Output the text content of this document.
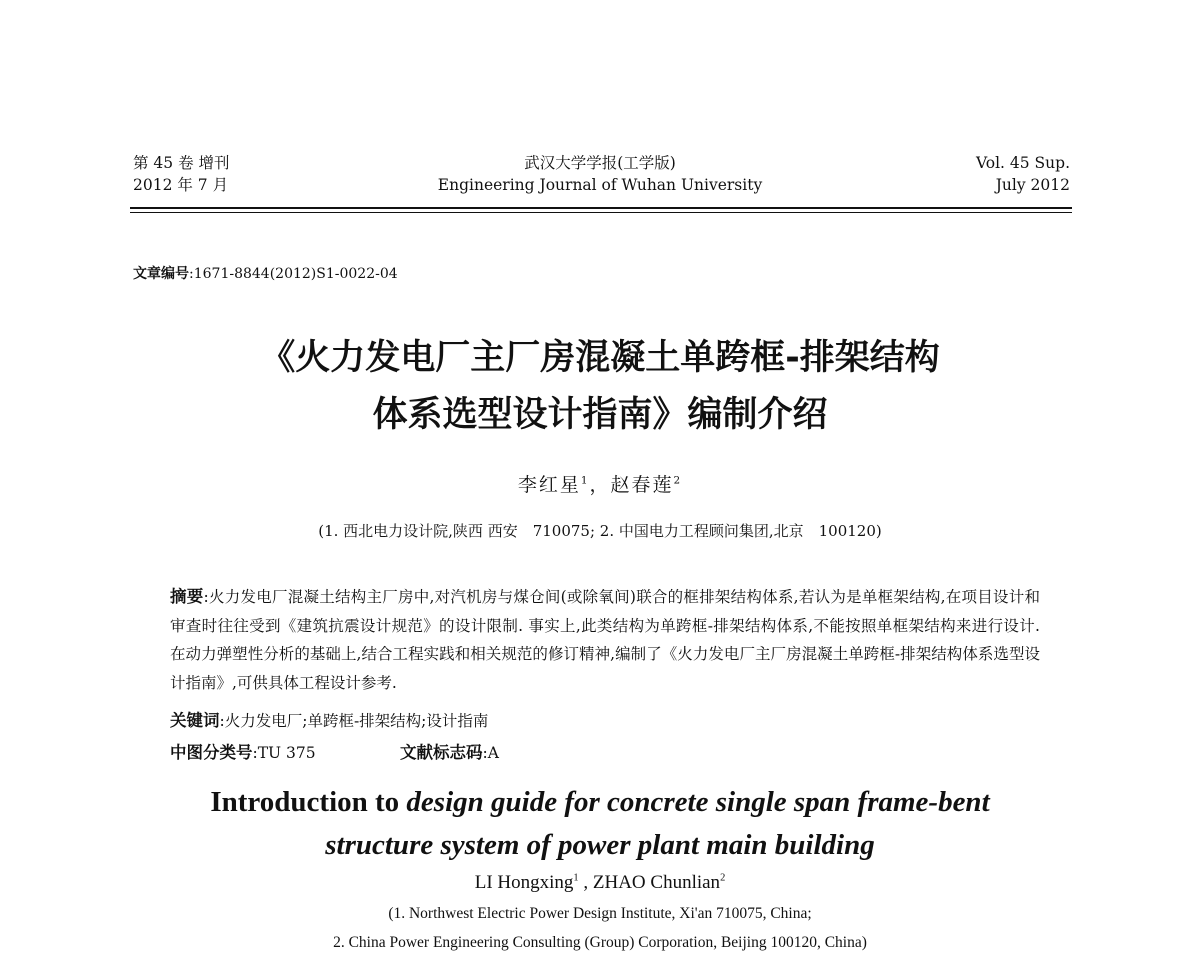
第 45 卷 增刊
2012 年 7 月
武汉大学学报(工学版)
Engineering Journal of Wuhan University
Vol. 45 Sup.
July 2012
文章编号:1671-8844(2012)S1-0022-04
《火力发电厂主厂房混凝土单跨框-排架结构
体系选型设计指南》编制介绍
李红星$^1$，赵春莲$^2$
(1. 西北电力设计院,陕西 西安　710075; 2. 中国电力工程顾问集团,北京　100120)
摘要:火力发电厂混凝土结构主厂房中,对汽机房与煤仓间(或除氧间)联合的框排架结构体系,若认为是单框架结构,在项目设计和审查时往往受到《建筑抗震设计规范》的设计限制. 事实上,此类结构为单跨框-排架结构体系,不能按照单框架结构来进行设计. 在动力弹塑性分析的基础上,结合工程实践和相关规范的修订精神,编制了《火力发电厂主厂房混凝土单跨框-排架结构体系选型设计指南》,可供具体工程设计参考.
关键词:火力发电厂;单跨框-排架结构;设计指南
中图分类号:TU 375	文献标志码:A
Introduction to design guide for concrete single span frame-bent
structure system of power plant main building
LI Hongxing$^1$ , ZHAO Chunlian$^2$
(1. Northwest Electric Power Design Institute, Xi'an 710075, China;
2. China Power Engineering Consulting (Group) Corporation, Beijing 100120, China)
